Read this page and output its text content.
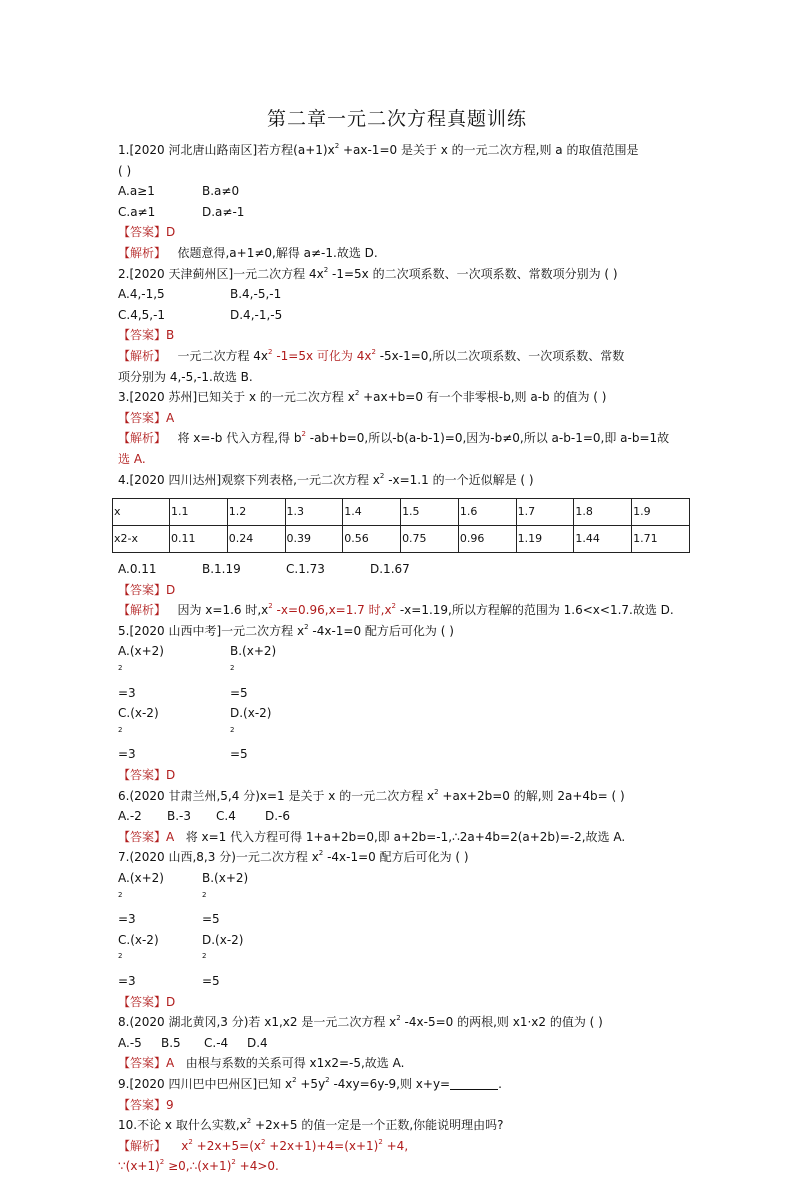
第二章一元二次方程真题训练
1.[2020 河北唐山路南区]若方程$(a+1)x^2 +ax-1=0$ 是关于 x 的一元二次方程,则 a 的取值范围是
( )
A.a≥1	B.a≠0
C.a≠1	D.a≠-1
【答案】D
【解析】 依题意得,a+1≠0,解得 a≠-1.故选 D.
2.[2020 天津蓟州区]一元二次方程 $4x^2$ -1=5x 的二次项系数、一次项系数、常数项分别为 ( )
A.4,-1,5	B.4,-5,-1
C.4,5,-1	D.4,-1,-5
【答案】B
【解析】 一元二次方程 $4x^2$ -1=5x 可化为 $4x^2$ -5x-1=0,所以二次项系数、一次项系数、常数
项分别为 4,-5,-1.故选 B.
3.[2020 苏州]已知关于 x 的一元二次方程 $x^2 +ax+b=0$ 有一个非零根-b,则 a-b 的值为 ( )
【答案】A
【解析】 将 x=-b 代入方程,得 $b^2$ -ab+b=0,所以-b(a-b-1)=0,因为-b≠0,所以 a-b-1=0,即 a-b=1故
选 A.
4.[2020 四川达州]观察下列表格,一元二次方程 $x^2$ -x=1.1 的一个近似解是 ( )
x	1.1	1.2	1.3	1.4	1.5	1.6	1.7	1.8	1.9
x2-x	0.11	0.24	0.39	0.56	0.75	0.96	1.19	1.44	1.71
A.0.11	B.1.19	C.1.73	D.1.67
【答案】D
【解析】 因为 x=1.6 时$,x^2$ -x=0.96,x=1.7 时$,x^2$ -x=1.19,所以方程解的范围为 1.6<x<1.7.故选 D.
5.[2020 山西中考]一元二次方程 $x^2$ -4x-1=0 配方后可化为 ( )
$A.(x+2)^2=3$
$B.(x+2)^2=5$
$C.(x-2)^2=3$
$D.(x-2)^2=5$
【答案】D
6.(2020 甘肃兰州,5,4 分)x=1 是关于 x 的一元二次方程 $x^2 +ax+2b=0$ 的解,则 2a+4b= ( )
A.-2	B.-3	C.4	D.-6
【答案】A 将 x=1 代入方程可得 1+a+2b=0,即 a+2b=-1,∴2a+4b=2(a+2b)=-2,故选 A.
7.(2020 山西,8,3 分)一元二次方程 $x^2$ -4x-1=0 配方后可化为 ( )
$A.(x+2)^2=3$
$B.(x+2)^2=5$
$C.(x-2)^2=3$
$D.(x-2)^2=5$
【答案】D
8.(2020 湖北黄冈,3 分)若 x1,x2 是一元二次方程 $x^2$ -4x-5=0 的两根,则 x1·x2 的值为 ( )
A.-5	B.5	C.-4	D.4
【答案】A 由根与系数的关系可得 x1x2=-5,故选 A.
9.[2020 四川巴中巴州区]已知 $x^2 +5y^2$ -4xy=6y-9,则 x+y=	.
【答案】9
10.不论 x 取什么实数$,x^2 +2x+5$ 的值一定是一个正数,你能说明理由吗?
【解析】 $x^2 +2x+5=(x^2 +2x+1)+4=(x+1)^2 +4$,
$\because(x+1)^2$ $\ge 0,\therefore(x+1)^2 +4>0$.
